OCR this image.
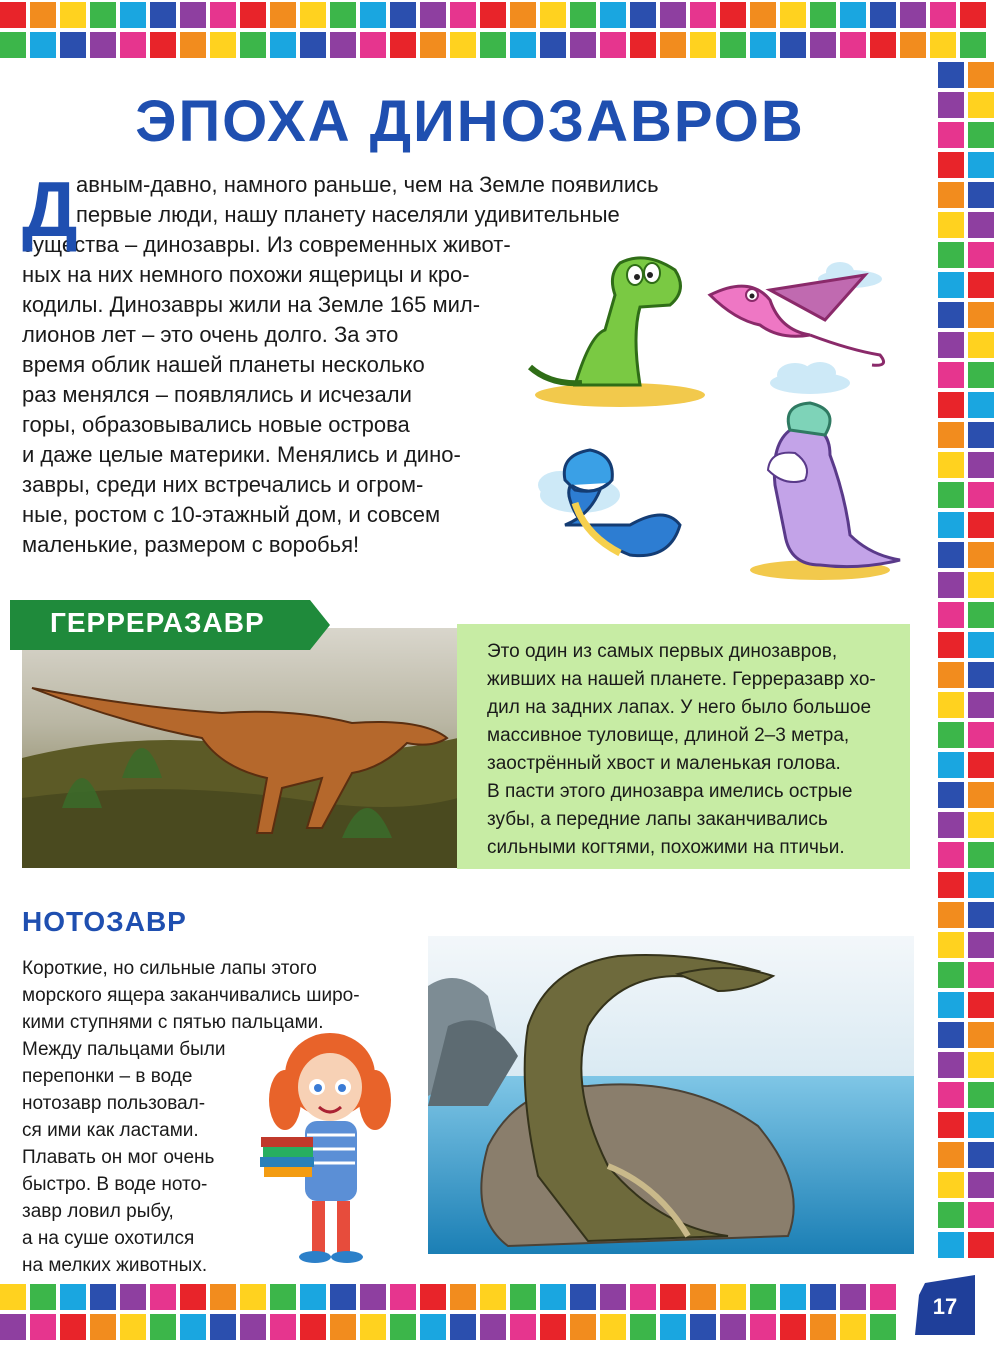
ЭПОХА ДИНОЗАВРОВ
Д
авным-давно, намного раньше, чем на Земле появились
первые люди, нашу планету населяли удивительные
существа – динозавры. Из современных живот-
ных на них немного похожи ящерицы и кро-
кодилы. Динозавры жили на Земле 165 мил-
лионов лет – это очень долго. За это
время облик нашей планеты несколько
раз менялся – появлялись и исчезали
горы, образовывались новые острова
и даже целые материки. Менялись и дино-
завры, среди них встречались и огром-
ные, ростом с 10-этажный дом, и совсем
маленькие, размером с воробья!
ГЕРРЕРАЗАВР
Это один из самых первых динозавров,
живших на нашей планете. Герреразавр хо-
дил на задних лапах. У него было большое
массивное туловище, длиной 2–3 метра,
заострённый хвост и маленькая голова.
В пасти этого динозавра имелись острые
зубы, а передние лапы заканчивались
сильными когтями, похожими на птичьи.
НОТОЗАВР
Короткие, но сильные лапы этого
морского ящера заканчивались широ-
кими ступнями с пятью пальцами.
Между пальцами были
перепонки – в воде
нотозавр пользовал-
ся ими как ластами.
Плавать он мог очень
быстро. В воде ното-
завр ловил рыбу,
а на суше охотился
на мелких животных.
17
